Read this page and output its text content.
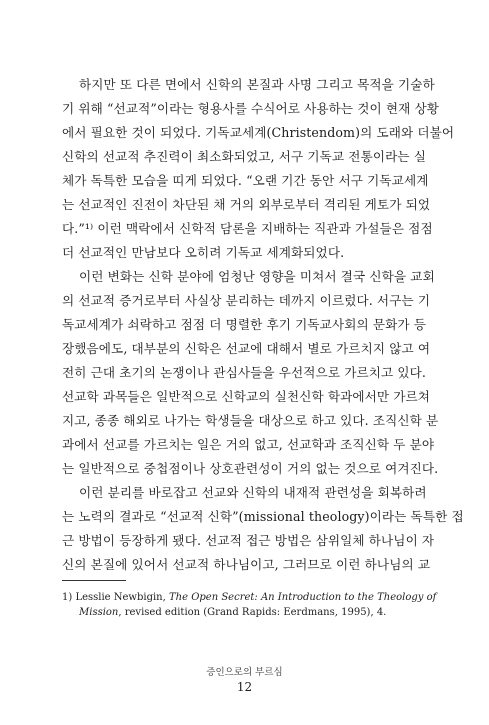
하지만 또 다른 면에서 신학의 본질과 사명 그리고 목적을 기술하
기 위해 “선교적”이라는 형용사를 수식어로 사용하는 것이 현재 상황
에서 필요한 것이 되었다. 기독교세계(Christendom)의 도래와 더불어
신학의 선교적 추진력이 최소화되었고, 서구 기독교 전통이라는 실
체가 독특한 모습을 띠게 되었다. “오랜 기간 동안 서구 기독교세계
는 선교적인 진전이 차단된 채 거의 외부로부터 격리된 게토가 되었
다.”¹⁾ 이런 맥락에서 신학적 담론을 지배하는 직관과 가설들은 점점
더 선교적인 만남보다 오히려 기독교 세계화되었다.
이런 변화는 신학 분야에 엄청난 영향을 미쳐서 결국 신학을 교회
의 선교적 증거로부터 사실상 분리하는 데까지 이르렀다. 서구는 기
독교세계가 쇠락하고 점점 더 명렬한 후기 기독교사회의 문화가 등
장했음에도, 대부분의 신학은 선교에 대해서 별로 가르치지 않고 여
전히 근대 초기의 논쟁이나 관심사들을 우선적으로 가르치고 있다.
선교학 과목들은 일반적으로 신학교의 실천신학 학과에서만 가르쳐
지고, 종종 해외로 나가는 학생들을 대상으로 하고 있다. 조직신학 분
과에서 선교를 가르치는 일은 거의 없고, 선교학과 조직신학 두 분야
는 일반적으로 중첩점이나 상호관련성이 거의 없는 것으로 여겨진다.
이런 분리를 바로잡고 선교와 신학의 내재적 관련성을 회복하려
는 노력의 결과로 “선교적 신학”(missional theology)이라는 독특한 접
근 방법이 등장하게 됐다. 선교적 접근 방법은 삼위일체 하나님이 자
신의 본질에 있어서 선교적 하나님이고, 그러므로 이런 하나님의 교
1) Lesslie Newbigin, The Open Secret: An Introduction to the Theology of
Mission, revised edition (Grand Rapids: Eerdmans, 1995), 4.
증인으로의 부르심
12
